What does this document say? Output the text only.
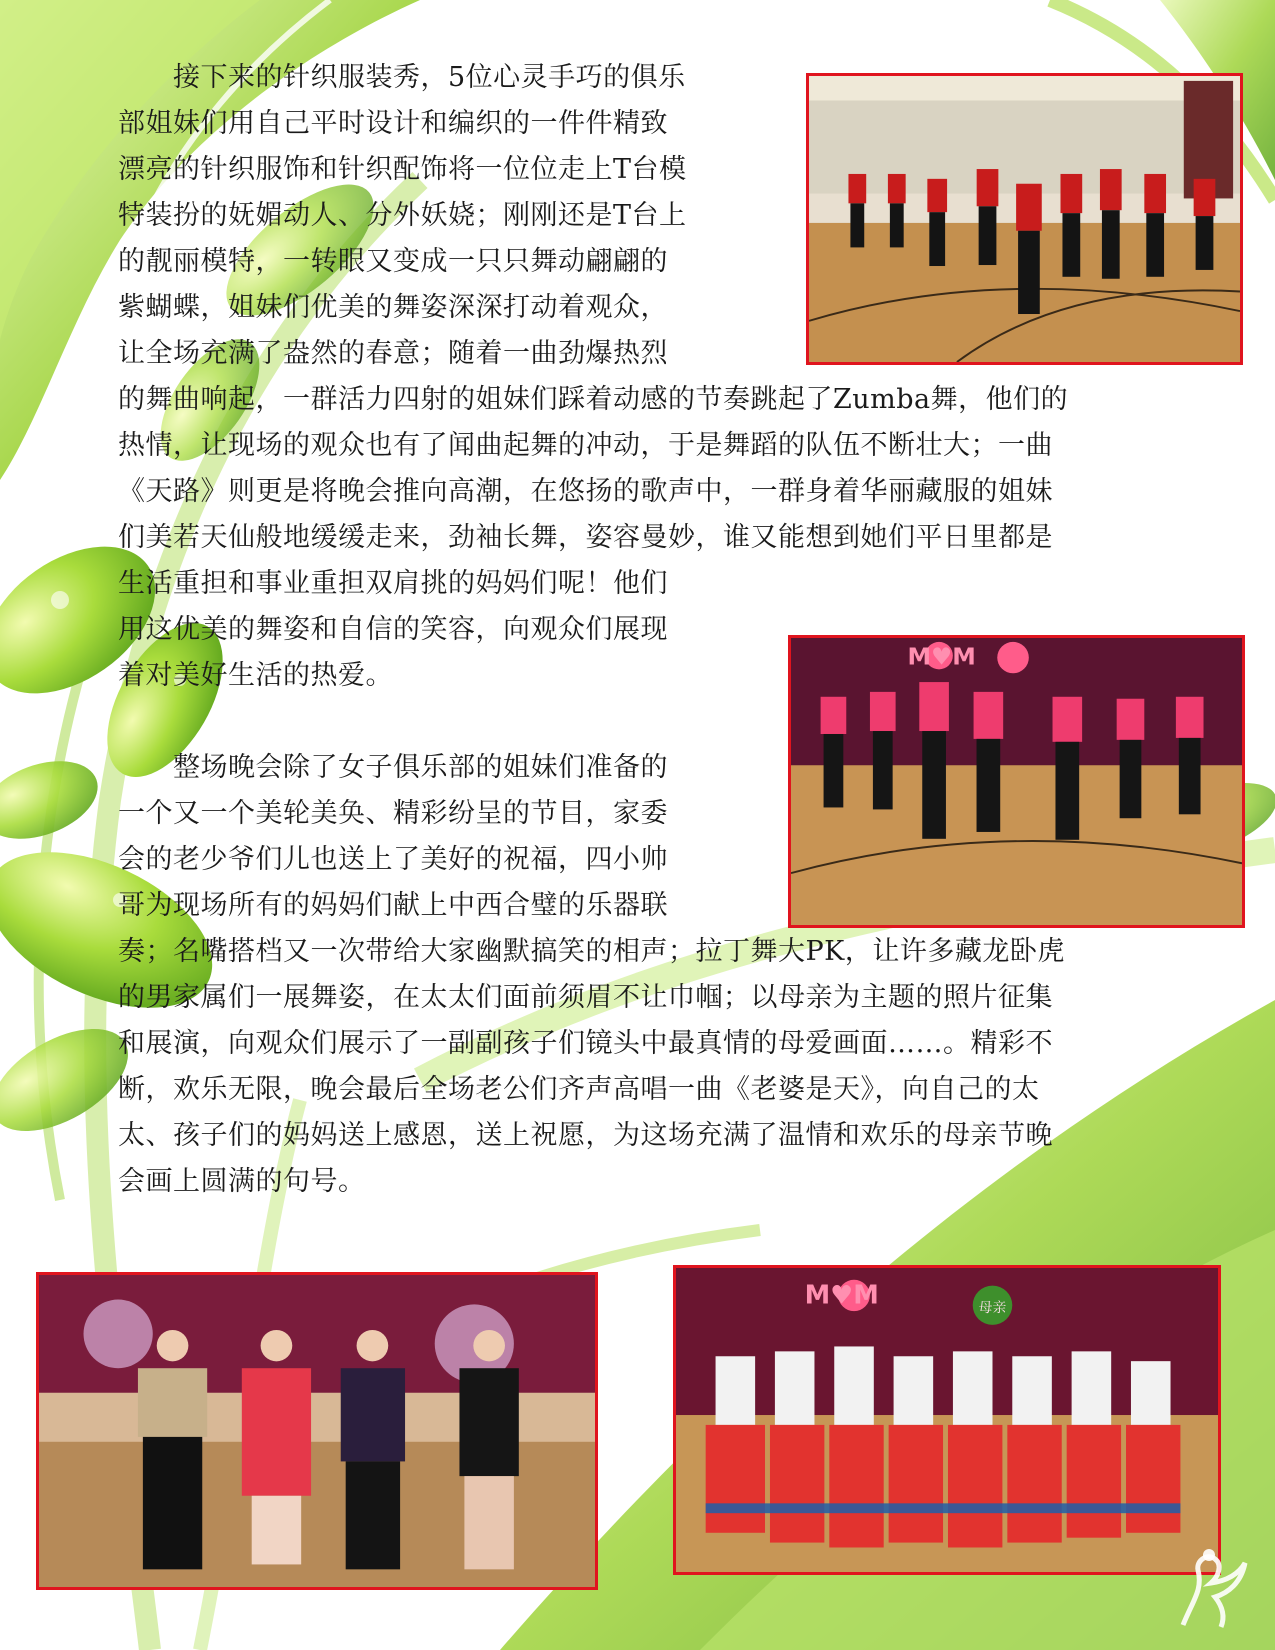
接下来的针织服装秀，5位心灵手巧的俱乐
部姐妹们用自己平时设计和编织的一件件精致
漂亮的针织服饰和针织配饰将一位位走上T台模
特装扮的妩媚动人、分外妖娆；刚刚还是T台上
的靓丽模特，一转眼又变成一只只舞动翩翩的
紫蝴蝶，姐妹们优美的舞姿深深打动着观众，
让全场充满了盎然的春意；随着一曲劲爆热烈
的舞曲响起，一群活力四射的姐妹们踩着动感的节奏跳起了Zumba舞，他们的
热情，让现场的观众也有了闻曲起舞的冲动，于是舞蹈的队伍不断壮大；一曲
《天路》则更是将晚会推向高潮，在悠扬的歌声中，一群身着华丽藏服的姐妹
们美若天仙般地缓缓走来，劲袖长舞，姿容曼妙，谁又能想到她们平日里都是
生活重担和事业重担双肩挑的妈妈们呢！他们
用这优美的舞姿和自信的笑容，向观众们展现
着对美好生活的热爱。

整场晚会除了女子俱乐部的姐妹们准备的
一个又一个美轮美奂、精彩纷呈的节目，家委
会的老少爷们儿也送上了美好的祝福，四小帅
哥为现场所有的妈妈们献上中西合璧的乐器联
奏；名嘴搭档又一次带给大家幽默搞笑的相声；拉丁舞大PK，让许多藏龙卧虎
的男家属们一展舞姿，在太太们面前须眉不让巾帼；以母亲为主题的照片征集
和展演，向观众们展示了一副副孩子们镜头中最真情的母爱画面……。精彩不
断，欢乐无限，晚会最后全场老公们齐声高唱一曲《老婆是天》，向自己的太
太、孩子们的妈妈送上感恩，送上祝愿，为这场充满了温情和欢乐的母亲节晚
会画上圆满的句号。

M♥M
M♥M	母亲
